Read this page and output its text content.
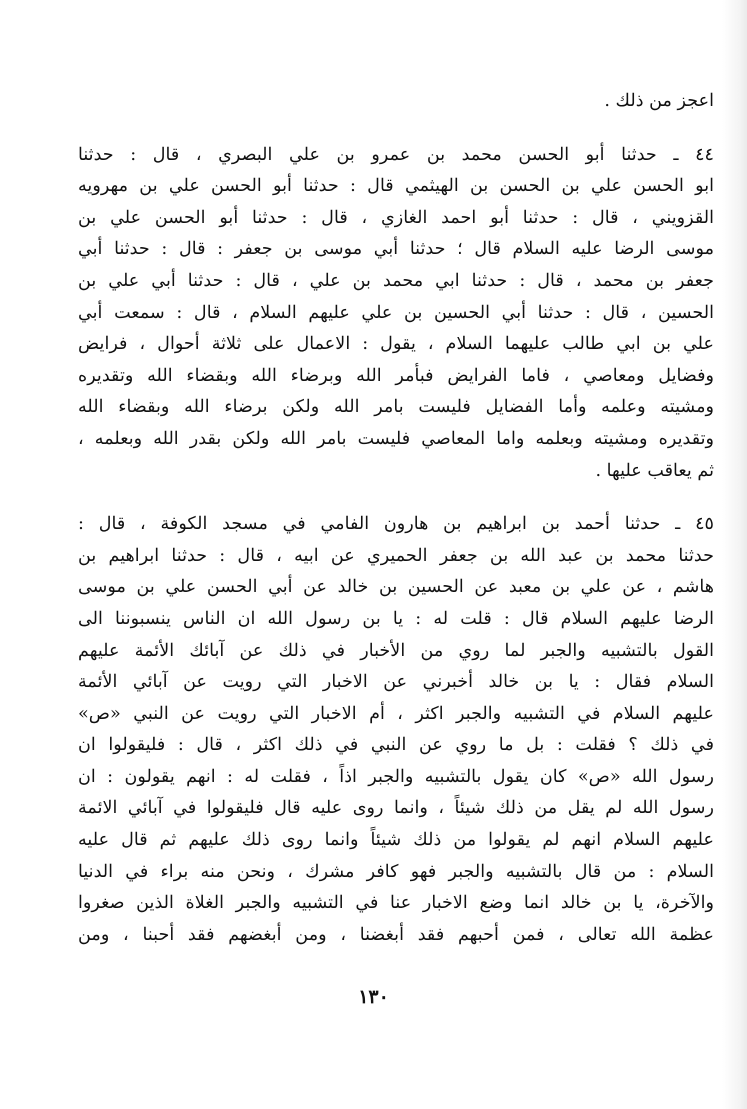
اعجز من ذلك .
٤٤ ـ حدثنا أبو الحسن محمد بن عمرو بن علي البصري ، قال : حدثنا
ابو الحسن علي بن الحسن بن الهيثمي قال : حدثنا أبو الحسن علي بن مهرويه
القزويني ، قال : حدثنا أبو احمد الغازي ، قال : حدثنا أبو الحسن علي بن
موسى الرضا عليه السلام قال ؛ حدثنا أبي موسى بن جعفر : قال : حدثنا أبي
جعفر بن محمد ، قال : حدثنا ابي محمد بن علي ، قال : حدثنا أبي علي بن
الحسين ، قال : حدثنا أبي الحسين بن علي عليهم السلام ، قال : سمعت أبي
علي بن ابي طالب عليهما السلام ، يقول : الاعمال على ثلاثة أحوال ، فرايض
وفضايل ومعاصي ، فاما الفرايض فبأمر الله وبرضاء الله وبقضاء الله وتقديره
ومشيته وعلمه وأما الفضايل فليست بامر الله ولكن برضاء الله وبقضاء الله
وتقديره ومشيته وبعلمه واما المعاصي فليست بامر الله ولكن بقدر الله وبعلمه ،
ثم يعاقب عليها .
٤٥ ـ حدثنا أحمد بن ابراهيم بن هارون الفامي في مسجد الكوفة ، قال :
حدثنا محمد بن عبد الله بن جعفر الحميري عن ابيه ، قال : حدثنا ابراهيم بن
هاشم ، عن علي بن معبد عن الحسين بن خالد عن أبي الحسن علي بن موسى
الرضا عليهم السلام قال : قلت له : يا بن رسول الله ان الناس ينسبوننا الى
القول بالتشبيه والجبر لما روي من الأخبار في ذلك عن آبائك الأئمة عليهم
السلام فقال : يا بن خالد أخبرني عن الاخبار التي رويت عن آبائي الأئمة
عليهم السلام في التشبيه والجبر اكثر ، أم الاخبار التي رويت عن النبي «ص»
في ذلك ؟ فقلت : بل ما روي عن النبي في ذلك اكثر ، قال : فليقولوا ان
رسول الله «ص» كان يقول بالتشبيه والجبر اذاً ، فقلت له : انهم يقولون : ان
رسول الله لم يقل من ذلك شيئاً ، وانما روى عليه قال فليقولوا في آبائي الائمة
عليهم السلام انهم لم يقولوا من ذلك شيئاً وانما روى ذلك عليهم ثم قال عليه
السلام : من قال بالتشبيه والجبر فهو كافر مشرك ، ونحن منه براء في الدنيا
والآخرة، يا بن خالد انما وضع الاخبار عنا في التشبيه والجبر الغلاة الذين صغروا
عظمة الله تعالى ، فمن أحبهم فقد أبغضنا ، ومن أبغضهم فقد أحبنا ، ومن
١٣٠
